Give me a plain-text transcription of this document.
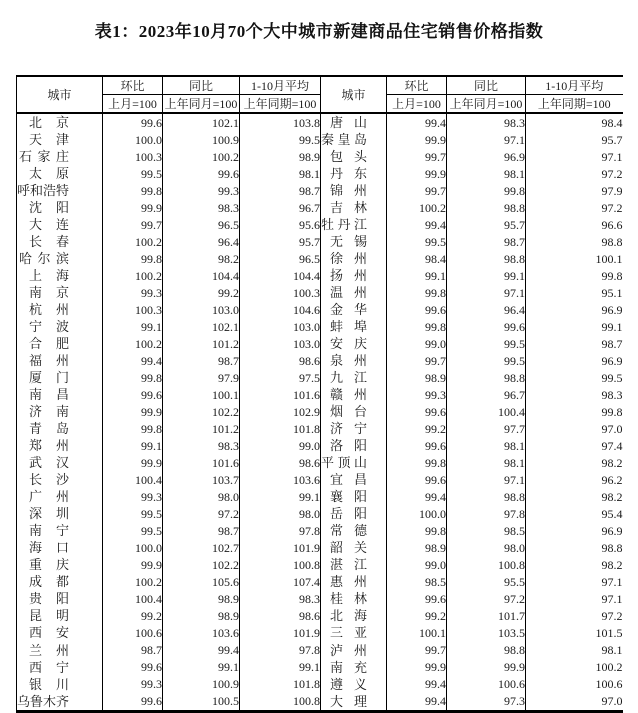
表1：2023年10月70个大中城市新建商品住宅销售价格指数
城市	环比	同比	1-10月平均	城市	环比	同比	1-10月平均
	上月=100	上年同月=100	上年同期=100		上月=100	上年同月=100	上年同期=100

北 京	99.6	102.1	103.8	唐 山	99.4	98.3	98.4

天 津	100.0	100.9	99.5	秦 皇 岛	99.9	97.1	95.7

石 家 庄	100.3	100.2	98.9	包 头	99.7	96.9	97.1

太 原	99.5	99.6	98.1	丹 东	99.9	98.1	97.2

呼 和 浩 特	99.8	99.3	98.7	锦 州	99.7	99.8	97.9

沈 阳	99.9	98.3	96.7	吉 林	100.2	98.8	97.2

大 连	99.7	96.5	95.6	牡 丹 江	99.4	95.7	96.6

长 春	100.2	96.4	95.7	无 锡	99.5	98.7	98.8

哈 尔 滨	99.8	98.2	96.5	徐 州	98.4	98.8	100.1

上 海	100.2	104.4	104.4	扬 州	99.1	99.1	99.8

南 京	99.3	99.2	100.3	温 州	99.8	97.1	95.1

杭 州	100.3	103.0	104.6	金 华	99.6	96.4	96.9

宁 波	99.1	102.1	103.0	蚌 埠	99.8	99.6	99.1

合 肥	100.2	101.2	103.0	安 庆	99.0	99.5	98.7

福 州	99.4	98.7	98.6	泉 州	99.7	99.5	96.9

厦 门	99.8	97.9	97.5	九 江	98.9	98.8	99.5

南 昌	99.6	100.1	101.6	赣 州	99.3	96.7	98.3

济 南	99.9	102.2	102.9	烟 台	99.6	100.4	99.8

青 岛	99.8	101.2	101.8	济 宁	99.2	97.7	97.0

郑 州	99.1	98.3	99.0	洛 阳	99.6	98.1	97.4

武 汉	99.9	101.6	98.6	平 顶 山	99.8	98.1	98.2

长 沙	100.4	103.7	103.6	宜 昌	99.6	97.1	96.2

广 州	99.3	98.0	99.1	襄 阳	99.4	98.8	98.2

深 圳	99.5	97.2	98.0	岳 阳	100.0	97.8	95.4

南 宁	99.5	98.7	97.8	常 德	99.8	98.5	96.9

海 口	100.0	102.7	101.9	韶 关	98.9	98.0	98.8

重 庆	99.9	102.2	100.8	湛 江	99.0	100.8	98.2

成 都	100.2	105.6	107.4	惠 州	98.5	95.5	97.1

贵 阳	100.4	98.9	98.3	桂 林	99.6	97.2	97.1

昆 明	99.2	98.9	98.6	北 海	99.2	101.7	97.2

西 安	100.6	103.6	101.9	三 亚	100.1	103.5	101.5

兰 州	98.7	99.4	97.8	泸 州	99.7	98.8	98.1

西 宁	99.6	99.1	99.1	南 充	99.9	99.9	100.2

银 川	99.3	100.9	101.8	遵 义	99.4	100.6	100.6

乌 鲁 木 齐	99.6	100.5	100.8	大 理	99.4	97.3	97.0
